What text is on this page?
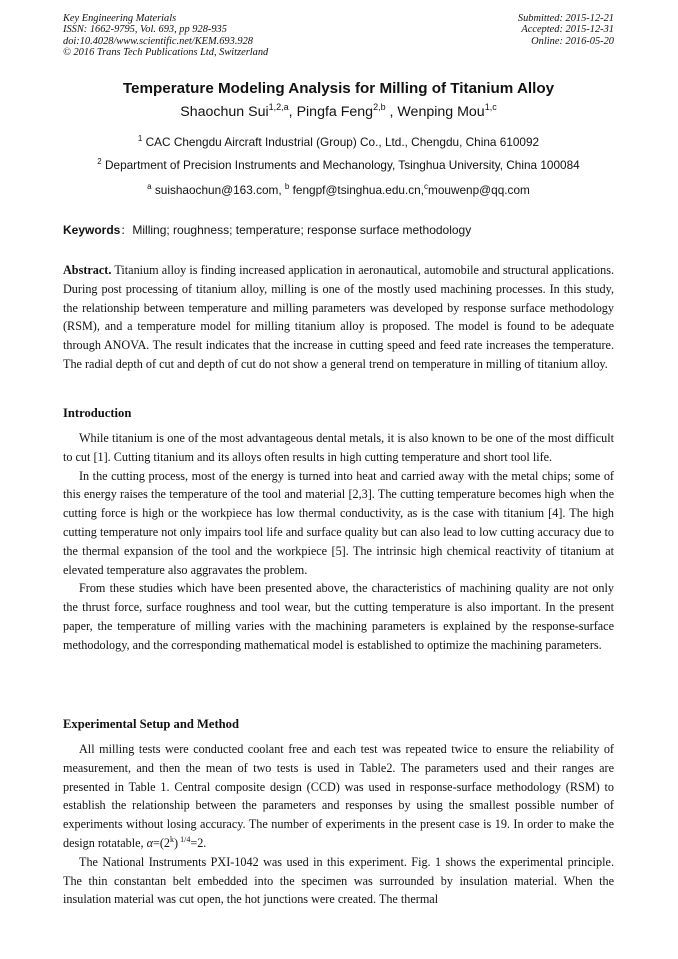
Key Engineering Materials
ISSN: 1662-9795, Vol. 693, pp 928-935
doi:10.4028/www.scientific.net/KEM.693.928
© 2016 Trans Tech Publications Ltd, Switzerland
Submitted: 2015-12-21
Accepted: 2015-12-31
Online: 2016-05-20
Temperature Modeling Analysis for Milling of Titanium Alloy
Shaochun Sui$^{1,2,a}$, Pingfa Feng$^{2,b}$ , Wenping Mou$^{1,c}$
$^1$ CAC Chengdu Aircraft Industrial (Group) Co., Ltd., Chengdu, China 610092
$^2$ Department of Precision Instruments and Mechanology, Tsinghua University, China 100084
$^a$ suishaochun@163.com, $^b$ fengpf@tsinghua.edu.cn,$^c$mouwenp@qq.com
Keywords：Milling; roughness; temperature; response surface methodology

Abstract. Titanium alloy is finding increased application in aeronautical, automobile and structural applications. During post processing of titanium alloy, milling is one of the mostly used machining processes. In this study, the relationship between temperature and milling parameters was developed by response surface methodology (RSM), and a temperature model for milling titanium alloy is proposed. The model is found to be adequate through ANOVA. The result indicates that the increase in cutting speed and feed rate increases the temperature. The radial depth of cut and depth of cut do not show a general trend on temperature in milling of titanium alloy.

Introduction

While titanium is one of the most advantageous dental metals, it is also known to be one of the most difficult to cut [1]. Cutting titanium and its alloys often results in high cutting temperature and short tool life.

In the cutting process, most of the energy is turned into heat and carried away with the metal chips; some of this energy raises the temperature of the tool and material [2,3]. The cutting temperature becomes high when the cutting force is high or the workpiece has low thermal conductivity, as is the case with titanium [4]. The high cutting temperature not only impairs tool life and surface quality but can also lead to low cutting accuracy due to the thermal expansion of the tool and the workpiece [5]. The intrinsic high chemical reactivity of titanium at elevated temperature also aggravates the problem.

From these studies which have been presented above, the characteristics of machining quality are not only the thrust force, surface roughness and tool wear, but the cutting temperature is also important. In the present paper, the temperature of milling varies with the machining parameters is explained by the response-surface methodology, and the corresponding mathematical model is established to optimize the machining parameters.

Experimental Setup and Method

All milling tests were conducted coolant free and each test was repeated twice to ensure the reliability of measurement, and then the mean of two tests is used in Table2. The parameters used and their ranges are presented in Table 1. Central composite design (CCD) was used in response-surface methodology (RSM) to establish the relationship between the parameters and responses by using the smallest possible number of experiments without losing accuracy. The number of experiments in the present case is 19. In order to make the design rotatable, $\alpha=(2^k)$ $^{1/4}$=2.

The National Instruments PXI-1042 was used in this experiment. Fig. 1 shows the experimental principle. The thin constantan belt embedded into the specimen was surrounded by insulation material. When the insulation material was cut open, the hot junctions were created. The thermal
